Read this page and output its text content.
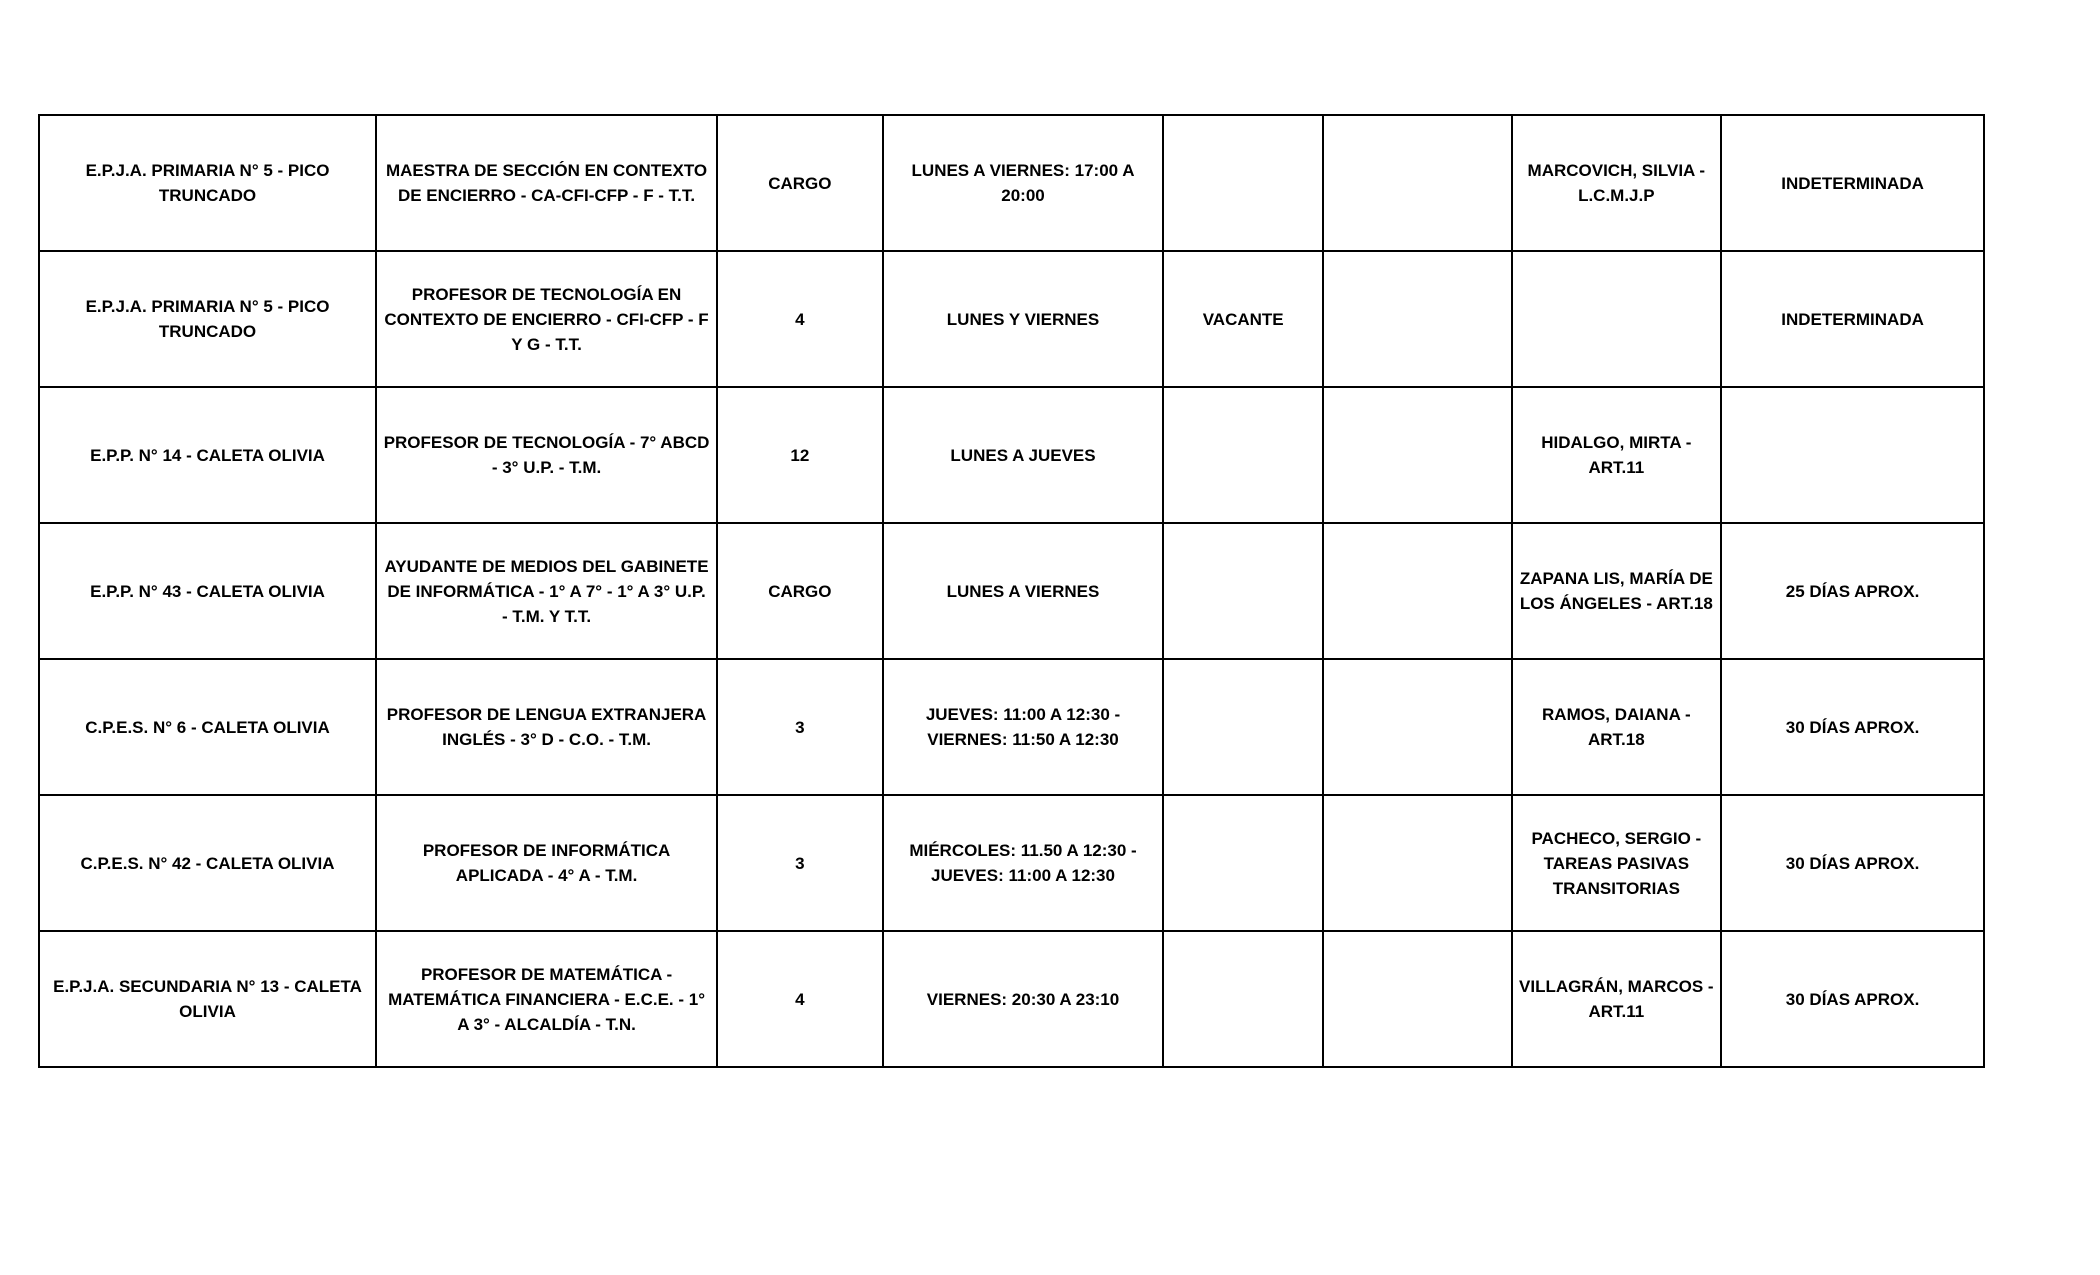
E.P.J.A. PRIMARIA N° 5 - PICO TRUNCADO	MAESTRA DE SECCIÓN EN CONTEXTO DE ENCIERRO - CA-CFI-CFP - F - T.T.	CARGO	LUNES A VIERNES: 17:00 A 20:00			MARCOVICH, SILVIA - L.C.M.J.P	INDETERMINADA
E.P.J.A. PRIMARIA N° 5 - PICO TRUNCADO	PROFESOR DE TECNOLOGÍA EN CONTEXTO DE ENCIERRO - CFI-CFP - F Y G - T.T.	4	LUNES Y VIERNES	VACANTE			INDETERMINADA
E.P.P. N° 14 - CALETA OLIVIA	PROFESOR DE TECNOLOGÍA - 7° ABCD - 3° U.P. - T.M.	12	LUNES A JUEVES			HIDALGO, MIRTA - ART.11	
E.P.P. N° 43 - CALETA OLIVIA	AYUDANTE DE MEDIOS DEL GABINETE DE INFORMÁTICA - 1° A 7° - 1° A 3° U.P. - T.M. Y T.T.	CARGO	LUNES A VIERNES			ZAPANA LIS, MARÍA DE LOS ÁNGELES - ART.18	25 DÍAS APROX.
C.P.E.S. N° 6 - CALETA OLIVIA	PROFESOR DE LENGUA EXTRANJERA INGLÉS - 3° D - C.O. - T.M.	3	JUEVES: 11:00 A 12:30 - VIERNES: 11:50 A 12:30			RAMOS, DAIANA - ART.18	30 DÍAS APROX.
C.P.E.S. N° 42 - CALETA OLIVIA	PROFESOR DE INFORMÁTICA APLICADA - 4° A - T.M.	3	MIÉRCOLES: 11.50 A 12:30 - JUEVES: 11:00 A 12:30			PACHECO, SERGIO - TAREAS PASIVAS TRANSITORIAS	30 DÍAS APROX.
E.P.J.A. SECUNDARIA N° 13 - CALETA OLIVIA	PROFESOR DE MATEMÁTICA - MATEMÁTICA FINANCIERA - E.C.E. - 1° A 3° - ALCALDÍA - T.N.	4	VIERNES: 20:30 A 23:10			VILLAGRÁN, MARCOS - ART.11	30 DÍAS APROX.
